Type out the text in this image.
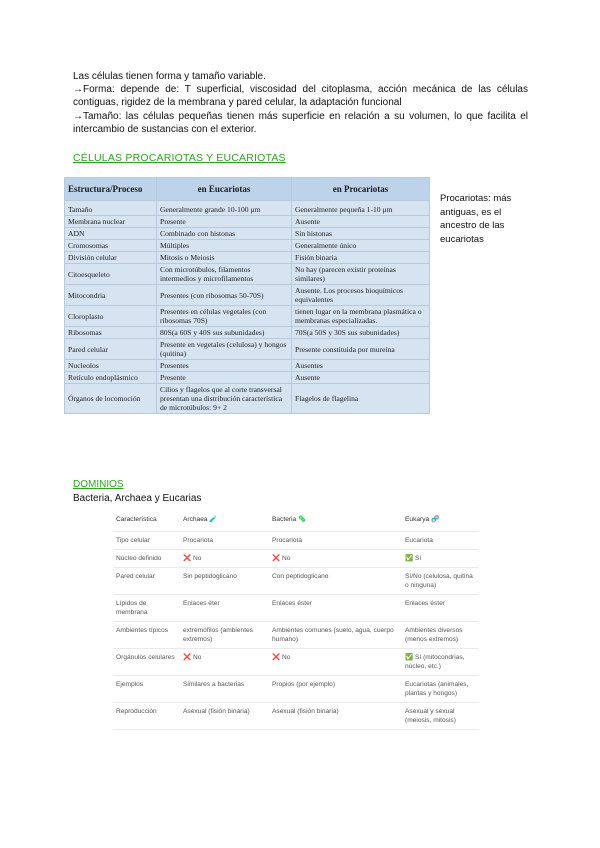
Las células tienen forma y tamaño variable.

→Forma: depende de: T superficial, viscosidad del citoplasma, acción mecánica de las células contiguas, rigidez de la membrana y pared celular, la adaptación funcional

→Tamaño: las células pequeñas tienen más superficie en relación a su volumen, lo que facilita el intercambio de sustancias con el exterior.

CÉLULAS PROCARIOTAS Y EUCARIOTAS
Estructura/Proceso	en Eucariotas	en Procariotas
Tamaño	Generalmente grande 10-100 μm	Generalmente pequeña 1-10 μm
Membrana nuclear	Presente	Ausente
ADN	Combinado con histonas	Sin histonas
Cromosomas	Múltiples	Generalmente único
División celular	Mitosis o Meiosis	Fisión binaria
Citoesqueleto	Con microtúbulos, filamentos intermedios y microfilamentos	No hay (parecen existir proteínas similares)
Mitocondria	Presentes (con ribosomas 50-70S)	Ausente. Los procesos bioquímicos equivalentes
Cloroplasto	Presentes en células vegetales (con ribosomas 70S)	tienen lugar en la membrana plasmática o membranas especializadas.
Ribosomas	80S(a 60S y 40S sus subunidades)	70S(a 50S y 30S sus subunidades)
Pared celular	Presente en vegetales (celulosa) y hongos (quitina)	Presente constituida por mureína
Nucleolos	Presentes	Ausentes
Retículo endoplásmico	Presente	Ausente
Órganos de locomoción	Cilios y flagelos que al corte transversal presentan una distribución característica de microtúbulos: 9+ 2	Flagelos de flagelina
Procariotas: más antiguas, es el ancestro de las eucariotas
DOMINIOS
Bacteria, Archaea y Eucarias
Característica	Archaea 🧪	Bacteria 🦠	Eukarya 🧬
Tipo celular	Procariota	Procariota	Eucariota
Núcleo definido	❌ No	❌ No	✅ Sí
Pared celular	Sin peptidoglicano	Con peptidoglicano	Sí/No (celulosa, quitina o ninguna)
Lípidos de membrana	Enlaces éter	Enlaces éster	Enlaces éster
Ambientes típicos	extremófilos (ambientes extremos)	Ambientes comunes (suelo, agua, cuerpo humano)	Ambientes diversos (menos extremos)
Orgánulos celulares	❌ No	❌ No	✅ Sí (mitocondrias, núcleo, etc.)
Ejemplos	Similares a bacterias	Propios (por ejemplo)	Eucariotas (animales, plantas y hongos)
Reproducción	Asexual (fisión binaria)	Asexual (fisión binaria)	Asexual y sexual (meiosis, mitosis)
